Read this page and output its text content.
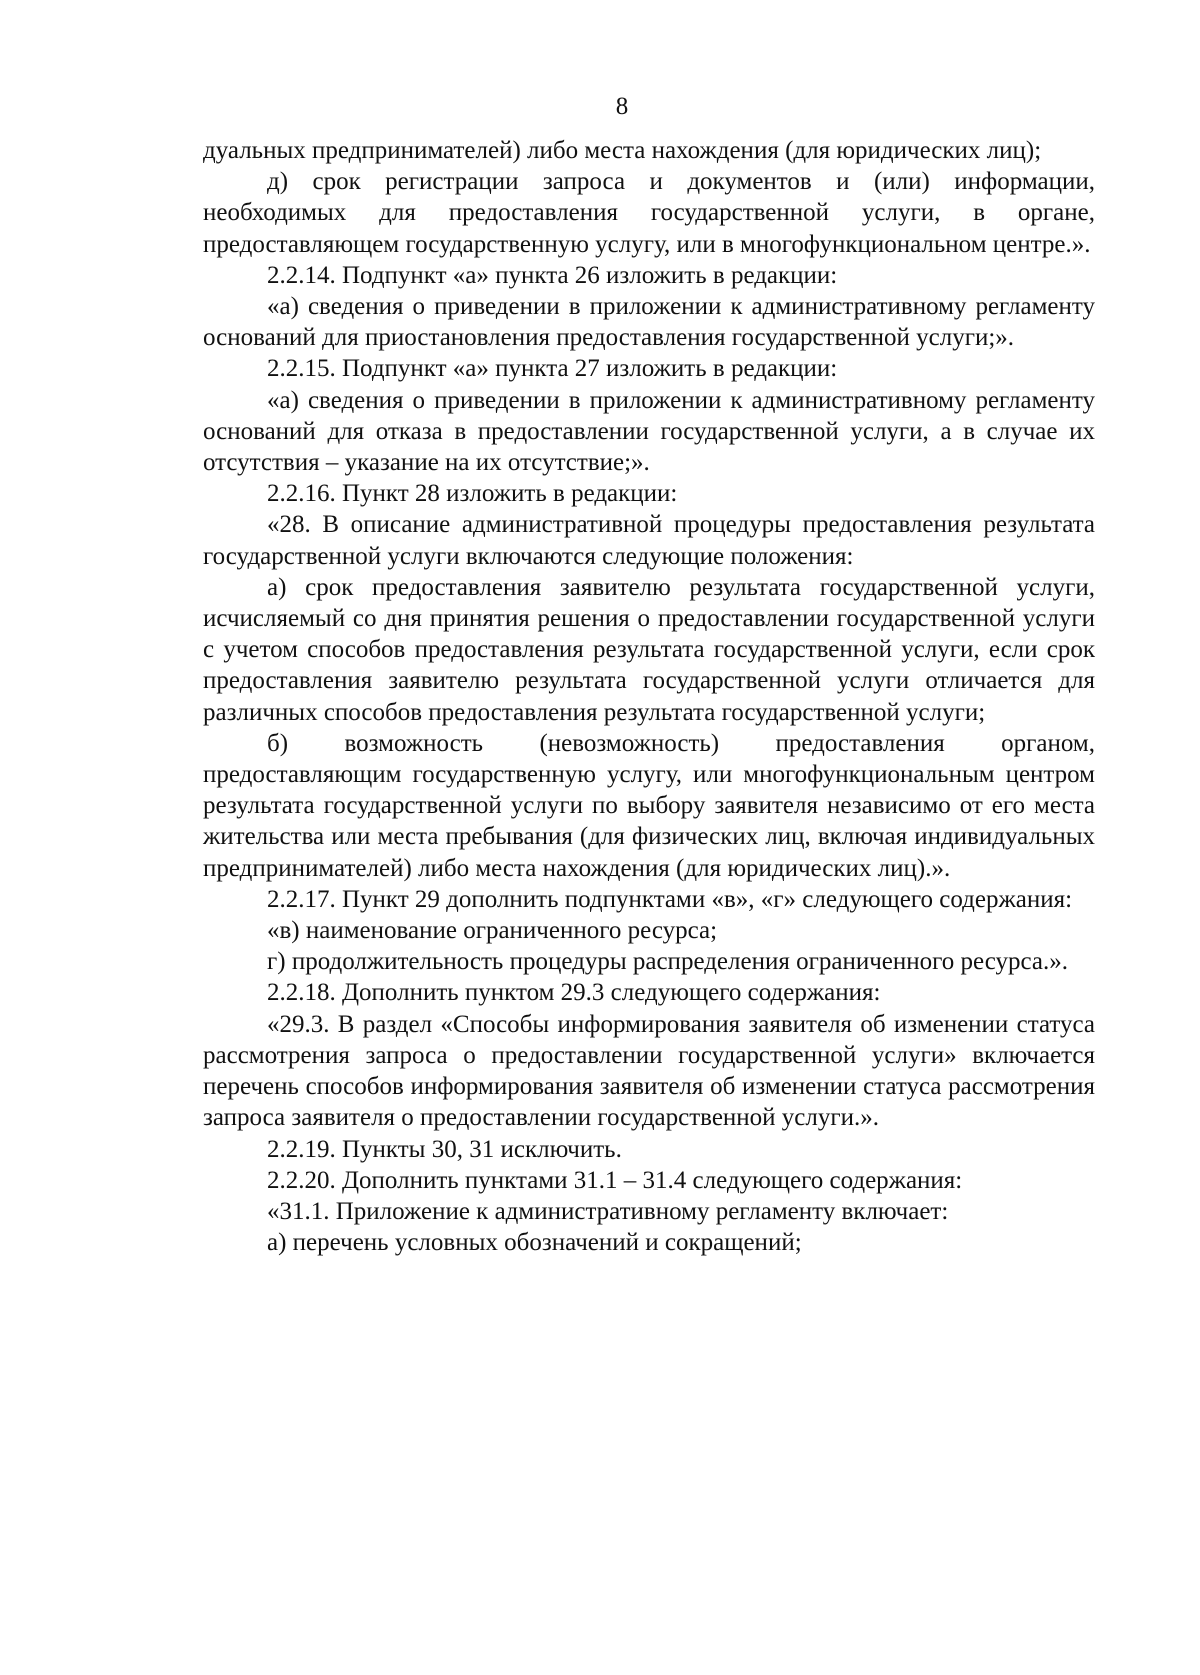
8

дуальных предпринимателей) либо места нахождения (для юридических лиц);

д) срок регистрации запроса и документов и (или) информации, необходимых для предоставления государственной услуги, в органе, предоставляющем государственную услугу, или в многофункциональном центре.».

2.2.14. Подпункт «а» пункта 26 изложить в редакции:

«а) сведения о приведении в приложении к административному регламенту оснований для приостановления предоставления государственной услуги;».

2.2.15. Подпункт «а» пункта 27 изложить в редакции:

«а) сведения о приведении в приложении к административному регламенту оснований для отказа в предоставлении государственной услуги, а в случае их отсутствия – указание на их отсутствие;».

2.2.16. Пункт 28 изложить в редакции:

«28. В описание административной процедуры предоставления результата государственной услуги включаются следующие положения:

а) срок предоставления заявителю результата государственной услуги, исчисляемый со дня принятия решения о предоставлении государственной услуги с учетом способов предоставления результата государственной услуги, если срок предоставления заявителю результата государственной услуги отличается для различных способов предоставления результата государственной услуги;

б) возможность (невозможность) предоставления органом, предоставляющим государственную услугу, или многофункциональным центром результата государственной услуги по выбору заявителя независимо от его места жительства или места пребывания (для физических лиц, включая индивидуальных предпринимателей) либо места нахождения (для юридических лиц).».

2.2.17. Пункт 29 дополнить подпунктами «в», «г» следующего содержания:

«в) наименование ограниченного ресурса;

г) продолжительность процедуры распределения ограниченного ресурса.».

2.2.18. Дополнить пунктом 29.3 следующего содержания:

«29.3. В раздел «Способы информирования заявителя об изменении статуса рассмотрения запроса о предоставлении государственной услуги» включается перечень способов информирования заявителя об изменении статуса рассмотрения запроса заявителя о предоставлении государственной услуги.».

2.2.19. Пункты 30, 31 исключить.

2.2.20. Дополнить пунктами 31.1 – 31.4 следующего содержания:

«31.1. Приложение к административному регламенту включает:

а) перечень условных обозначений и сокращений;
